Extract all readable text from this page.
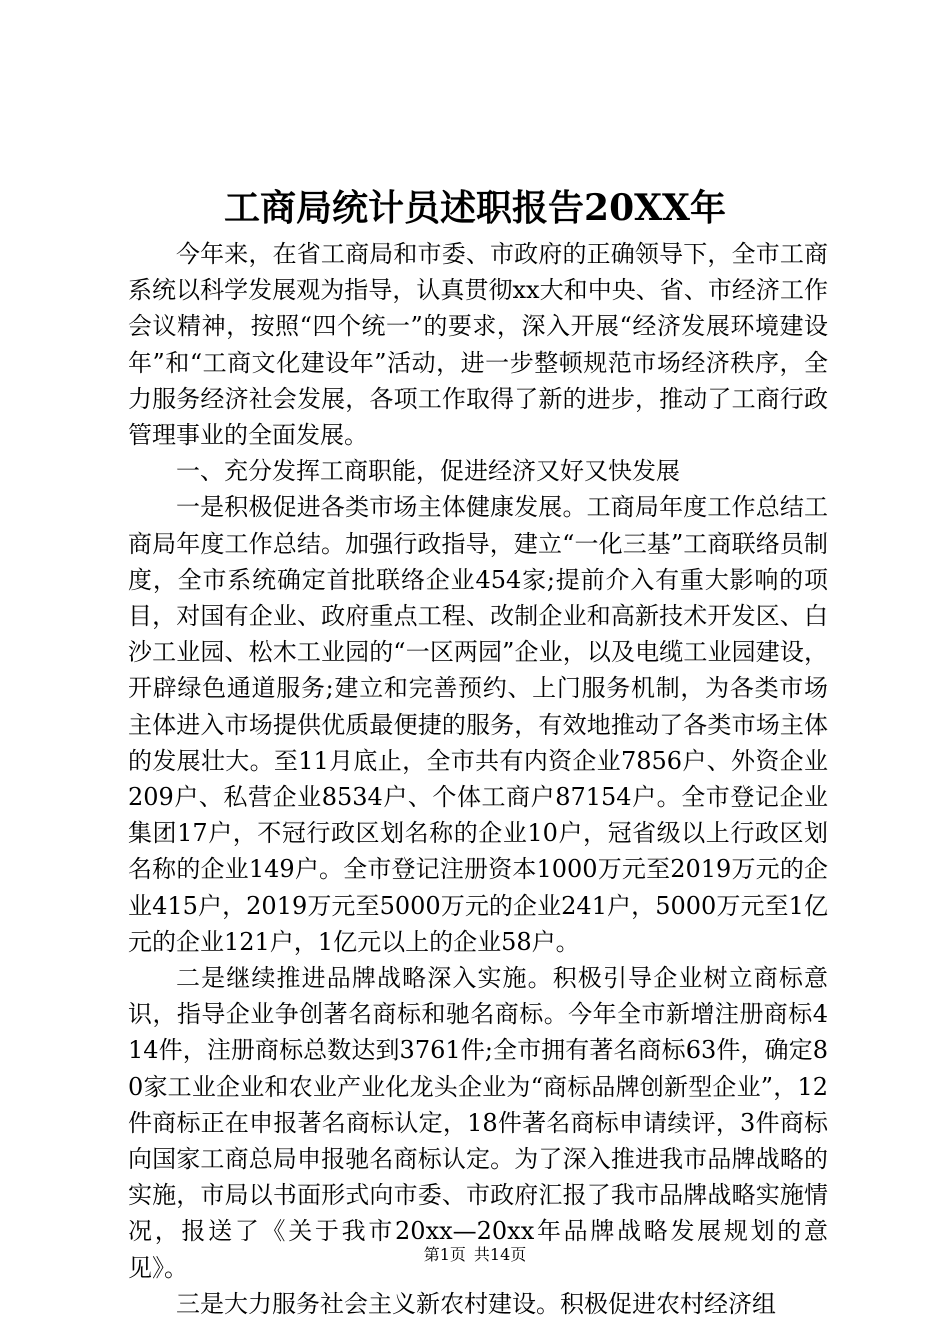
工商局统计员述职报告20XX年

今年来，在省工商局和市委、市政府的正确领导下，全市工商系统以科学发展观为指导，认真贯彻xx大和中央、省、市经济工作会议精神，按照“四个统一”的要求，深入开展“经济发展环境建设年”和“工商文化建设年”活动，进一步整顿规范市场经济秩序，全力服务经济社会发展，各项工作取得了新的进步，推动了工商行政管理事业的全面发展。

一、充分发挥工商职能，促进经济又好又快发展

一是积极促进各类市场主体健康发展。工商局年度工作总结工商局年度工作总结。加强行政指导，建立“一化三基”工商联络员制度，全市系统确定首批联络企业454家;提前介入有重大影响的项目，对国有企业、政府重点工程、改制企业和高新技术开发区、白沙工业园、松木工业园的“一区两园”企业，以及电缆工业园建设，开辟绿色通道服务;建立和完善预约、上门服务机制，为各类市场主体进入市场提供优质最便捷的服务，有效地推动了各类市场主体的发展壮大。至11月底止，全市共有内资企业7856户、外资企业209户、私营企业8534户、个体工商户87154户。全市登记企业集团17户，不冠行政区划名称的企业10户，冠省级以上行政区划名称的企业149户。全市登记注册资本1000万元至2019万元的企业415户，2019万元至5000万元的企业241户，5000万元至1亿元的企业121户，1亿元以上的企业58户。

二是继续推进品牌战略深入实施。积极引导企业树立商标意识，指导企业争创著名商标和驰名商标。今年全市新增注册商标414件，注册商标总数达到3761件;全市拥有著名商标63件，确定80家工业企业和农业产业化龙头企业为“商标品牌创新型企业”，12件商标正在申报著名商标认定，18件著名商标申请续评，3件商标向国家工商总局申报驰名商标认定。为了深入推进我市品牌战略的实施，市局以书面形式向市委、市政府汇报了我市品牌战略实施情况，报送了《关于我市20xx—20xx年品牌战略发展规划的意见》。

三是大力服务社会主义新农村建设。积极促进农村经济组

第1页 共14页
